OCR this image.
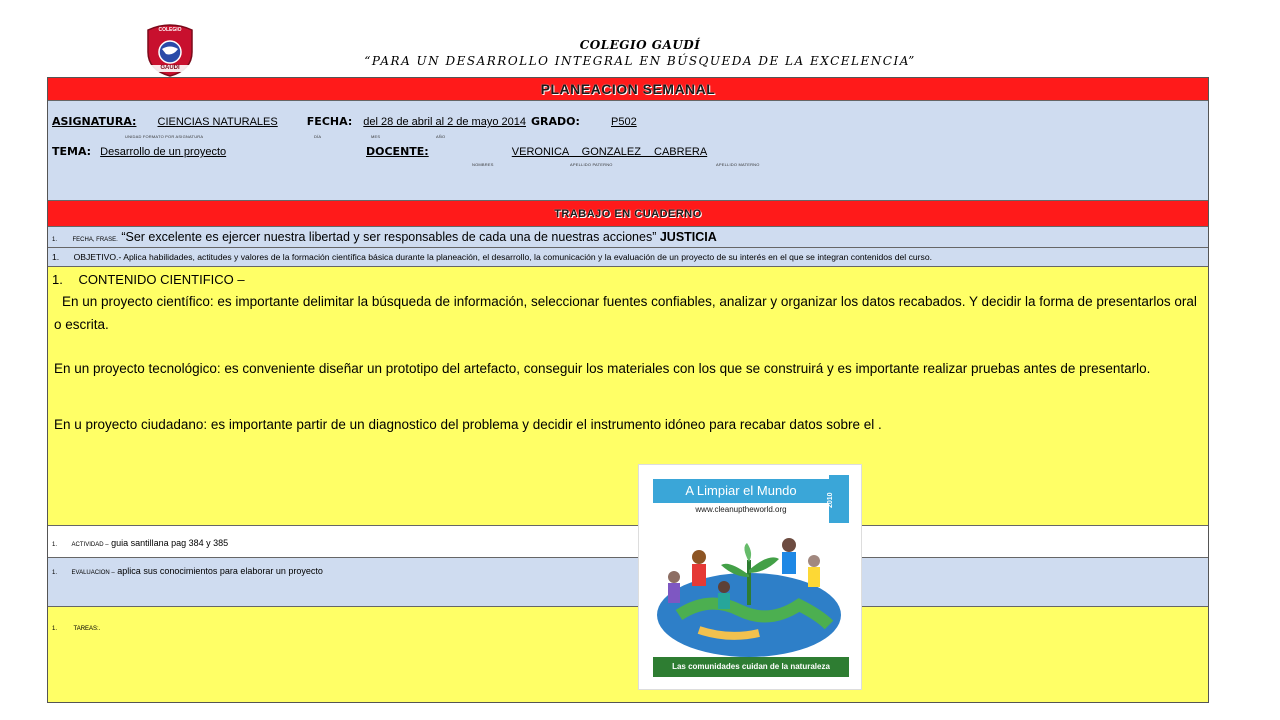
COLEGIO
GAUDI
COLEGIO GAUDÍ
“PARA UN DESARROLLO INTEGRAL EN BÚSQUEDA DE LA EXCELENCIA”
PLANEACION SEMANAL
ASIGNATURA: CIENCIAS NATURALES	FECHA: del 28 de abril al 2 de mayo 2014 GRADO:	P502
UNIDAD FORMATO POR ASIGNATURA	DÍA	MES	AÑO
TEMA: Desarrollo de un proyecto	DOCENTE:	VERONICA GONZALEZ CABRERA
NOMBRES	APELLIDO PATERNO	APELLIDO MATERNO
TRABAJO EN CUADERNO
1.	FECHA, FRASE. “Ser excelente es ejercer nuestra libertad y ser responsables de cada una de nuestras acciones” JUSTICIA
1. OBJETIVO.- Aplica habilidades, actitudes y valores de la formación científica básica durante la planeación, el desarrollo, la comunicación y la evaluación de un proyecto de su interés en el que se integran contenidos del curso.
1. CONTENIDO CIENTIFICO –
En un proyecto científico: es importante delimitar la búsqueda de información, seleccionar fuentes confiables, analizar y organizar los datos recabados. Y decidir la forma de presentarlos oral o escrita.
En un proyecto tecnológico: es conveniente diseñar un prototipo del artefacto, conseguir los materiales con los que se construirá y es importante realizar pruebas antes de presentarlo.
En u proyecto ciudadano: es importante partir de un diagnostico del problema y decidir el instrumento idóneo para recabar datos sobre el .
1. ACTIVIDAD – guia santillana pag 384 y 385
1. EVALUACION – aplica sus conocimientos para elaborar un proyecto
1.	TAREAS:.
A Limpiar el Mundo
2010
www.cleanuptheworld.org
Las comunidades cuidan de la naturaleza
